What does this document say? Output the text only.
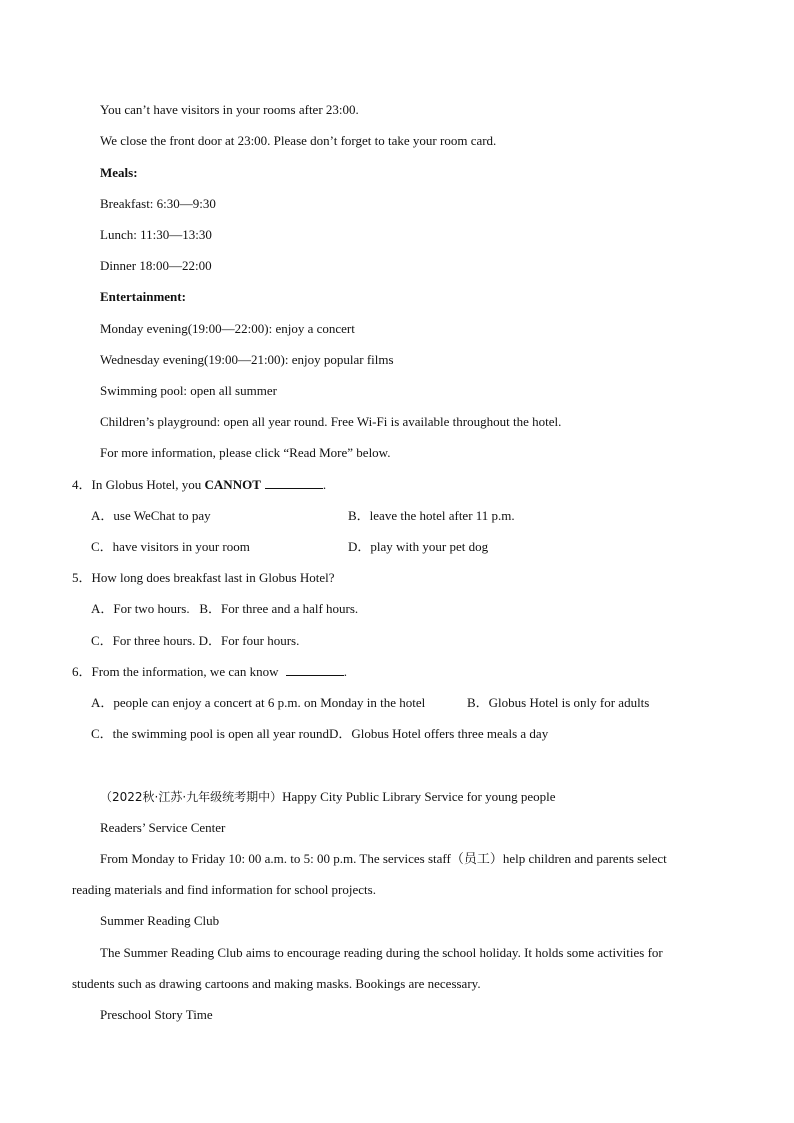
You can’t have visitors in your rooms after 23:00.
We close the front door at 23:00. Please don’t forget to take your room card.
Meals:
Breakfast: 6:30—9:30
Lunch: 11:30—13:30
Dinner 18:00—22:00
Entertainment:
Monday evening(19:00—22:00): enjoy a concert
Wednesday evening(19:00—21:00): enjoy popular films
Swimming pool: open all summer
Children’s playground: open all year round. Free Wi-Fi is available throughout the hotel.
For more information, please click “Read More” below.
4．In Globus Hotel, you CANNOT	.
A．use WeChat to pay	B．leave the hotel after 11 p.m.
C．have visitors in your room	D．play with your pet dog
5．How long does breakfast last in Globus Hotel?
A．For two hours.   B．For three and a half hours.
C．For three hours. D．For four hours.
6．From the information, we can know	.
A．people can enjoy a concert at 6 p.m. on Monday in the hotel	B．Globus Hotel is only for adults
C．the swimming pool is open all year roundD．Globus Hotel offers three meals a day
（2022秋·江苏·九年级统考期中）Happy City Public Library Service for young people
Readers’ Service Center
From Monday to Friday 10: 00 a.m. to 5: 00 p.m. The services staff（员工）help children and parents select
reading materials and find information for school projects.
Summer Reading Club
The Summer Reading Club aims to encourage reading during the school holiday. It holds some activities for
students such as drawing cartoons and making masks. Bookings are necessary.
Preschool Story Time
